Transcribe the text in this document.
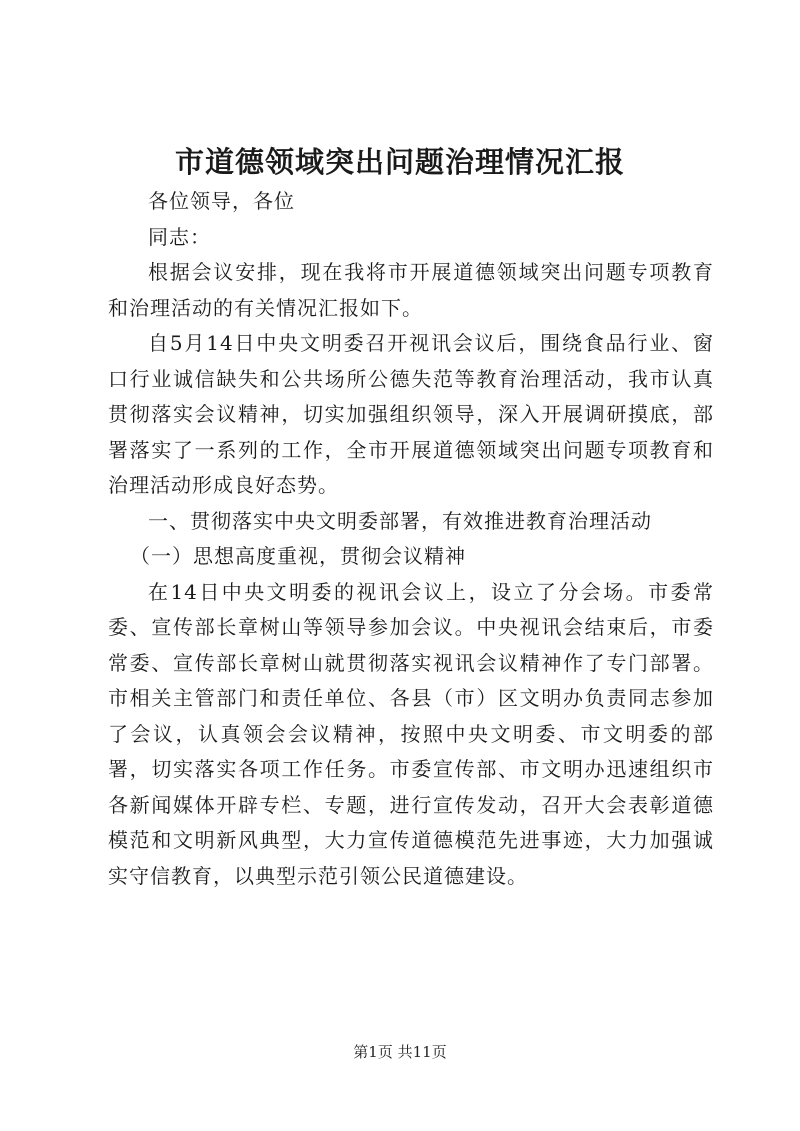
市道德领域突出问题治理情况汇报

各位领导，各位

同志：

根据会议安排，现在我将市开展道德领域突出问题专项教育和治理活动的有关情况汇报如下。

自5月14日中央文明委召开视讯会议后，围绕食品行业、窗口行业诚信缺失和公共场所公德失范等教育治理活动，我市认真贯彻落实会议精神，切实加强组织领导，深入开展调研摸底，部署落实了一系列的工作，全市开展道德领域突出问题专项教育和治理活动形成良好态势。

一、贯彻落实中央文明委部署，有效推进教育治理活动

（一）思想高度重视，贯彻会议精神

在14日中央文明委的视讯会议上，设立了分会场。市委常委、宣传部长章树山等领导参加会议。中央视讯会结束后，市委常委、宣传部长章树山就贯彻落实视讯会议精神作了专门部署。市相关主管部门和责任单位、各县（市）区文明办负责同志参加了会议，认真领会会议精神，按照中央文明委、市文明委的部署，切实落实各项工作任务。市委宣传部、市文明办迅速组织市各新闻媒体开辟专栏、专题，进行宣传发动，召开大会表彰道德模范和文明新风典型，大力宣传道德模范先进事迹，大力加强诚实守信教育，以典型示范引领公民道德建设。

第1页 共11页
